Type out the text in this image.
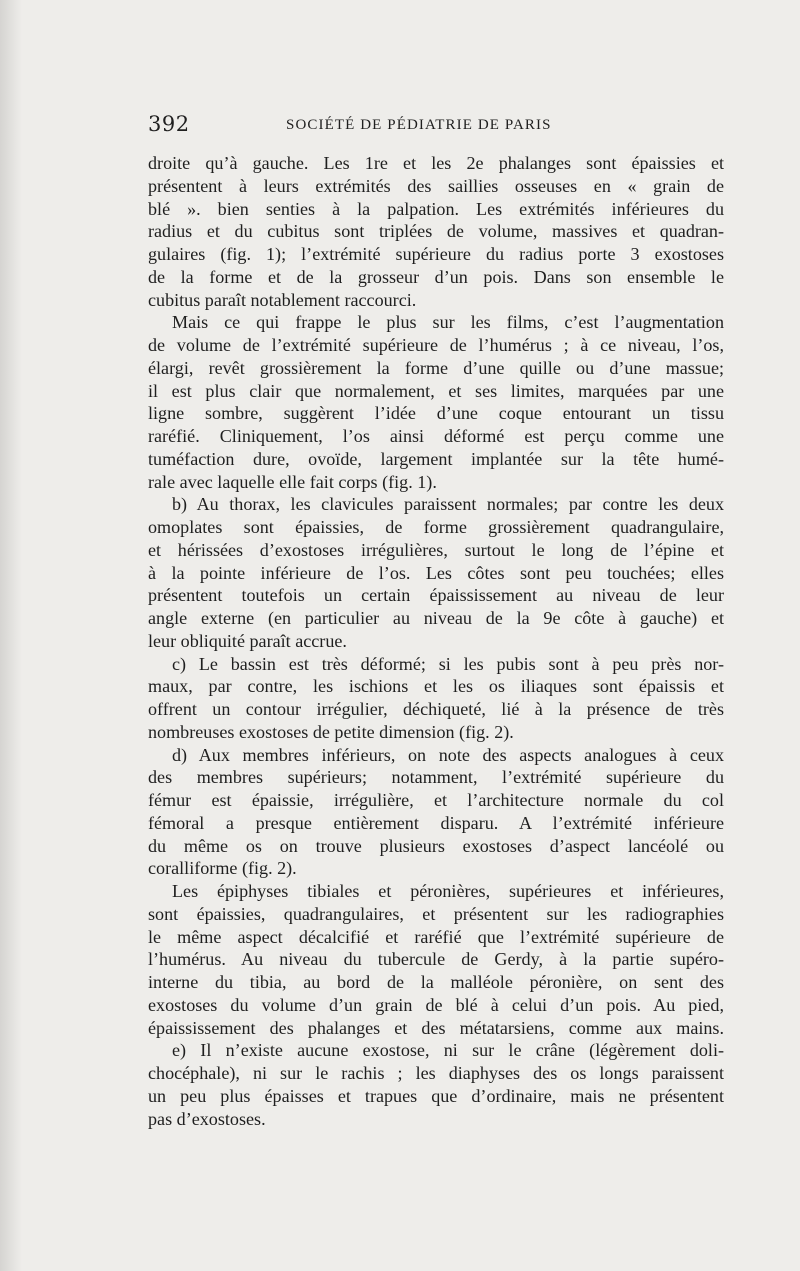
392	SOCIÉTÉ DE PÉDIATRIE DE PARIS
droite qu’à gauche. Les 1re et les 2e phalanges sont épaissies et
présentent à leurs extrémités des saillies osseuses en « grain de
blé ». bien senties à la palpation. Les extrémités inférieures du
radius et du cubitus sont triplées de volume, massives et quadran-
gulaires (fig. 1); l’extrémité supérieure du radius porte 3 exostoses
de la forme et de la grosseur d’un pois. Dans son ensemble le
cubitus paraît notablement raccourci.
Mais ce qui frappe le plus sur les films, c’est l’augmentation
de volume de l’extrémité supérieure de l’humérus ; à ce niveau, l’os,
élargi, revêt grossièrement la forme d’une quille ou d’une massue;
il est plus clair que normalement, et ses limites, marquées par une
ligne sombre, suggèrent l’idée d’une coque entourant un tissu
raréfié. Cliniquement, l’os ainsi déformé est perçu comme une
tuméfaction dure, ovoïde, largement implantée sur la tête humé-
rale avec laquelle elle fait corps (fig. 1).
b) Au thorax, les clavicules paraissent normales; par contre les deux
omoplates sont épaissies, de forme grossièrement quadrangulaire,
et hérissées d’exostoses irrégulières, surtout le long de l’épine et
à la pointe inférieure de l’os. Les côtes sont peu touchées; elles
présentent toutefois un certain épaississement au niveau de leur
angle externe (en particulier au niveau de la 9e côte à gauche) et
leur obliquité paraît accrue.
c) Le bassin est très déformé; si les pubis sont à peu près nor-
maux, par contre, les ischions et les os iliaques sont épaissis et
offrent un contour irrégulier, déchiqueté, lié à la présence de très
nombreuses exostoses de petite dimension (fig. 2).
d) Aux membres inférieurs, on note des aspects analogues à ceux
des membres supérieurs; notamment, l’extrémité supérieure du
fémur est épaissie, irrégulière, et l’architecture normale du col
fémoral a presque entièrement disparu. A l’extrémité inférieure
du même os on trouve plusieurs exostoses d’aspect lancéolé ou
coralliforme (fig. 2).
Les épiphyses tibiales et péronières, supérieures et inférieures,
sont épaissies, quadrangulaires, et présentent sur les radiographies
le même aspect décalcifié et raréfié que l’extrémité supérieure de
l’humérus. Au niveau du tubercule de Gerdy, à la partie supéro-
interne du tibia, au bord de la malléole péronière, on sent des
exostoses du volume d’un grain de blé à celui d’un pois. Au pied,
épaississement des phalanges et des métatarsiens, comme aux mains.
e) Il n’existe aucune exostose, ni sur le crâne (légèrement doli-
chocéphale), ni sur le rachis ; les diaphyses des os longs paraissent
un peu plus épaisses et trapues que d’ordinaire, mais ne présentent
pas d’exostoses.
